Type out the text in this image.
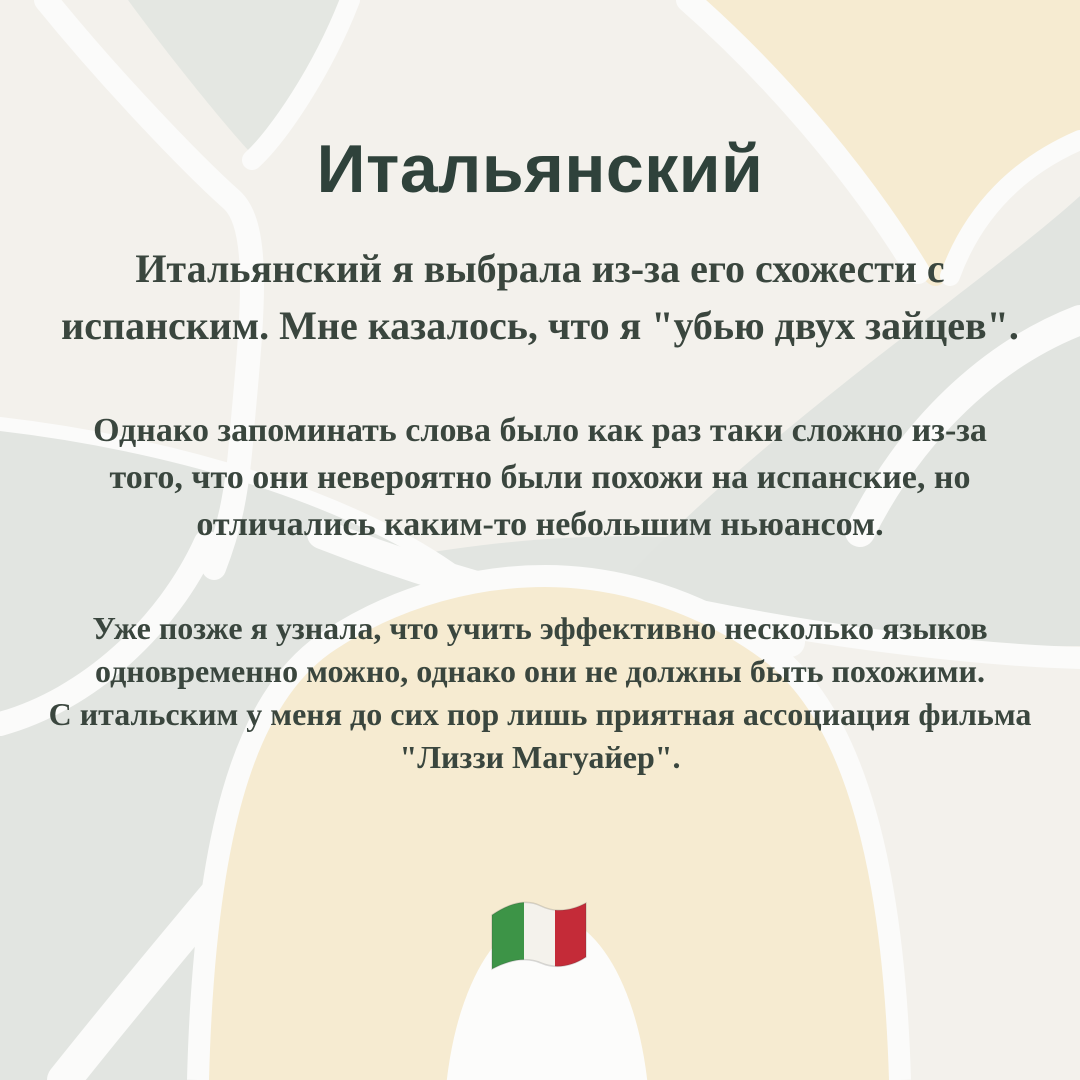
Итальянский
Итальянский я выбрала из-за его схожести с
испанским. Мне казалось, что я "убью двух зайцев".
Однако запоминать слова было как раз таки сложно из-за
того, что они невероятно были похожи на испанские, но
отличались каким-то небольшим ньюансом.
Уже позже я узнала, что учить эффективно несколько языков
одновременно можно, однако они не должны быть похожими.
С итальским у меня до сих пор лишь приятная ассоциация фильма
"Лиззи Магуайер".
